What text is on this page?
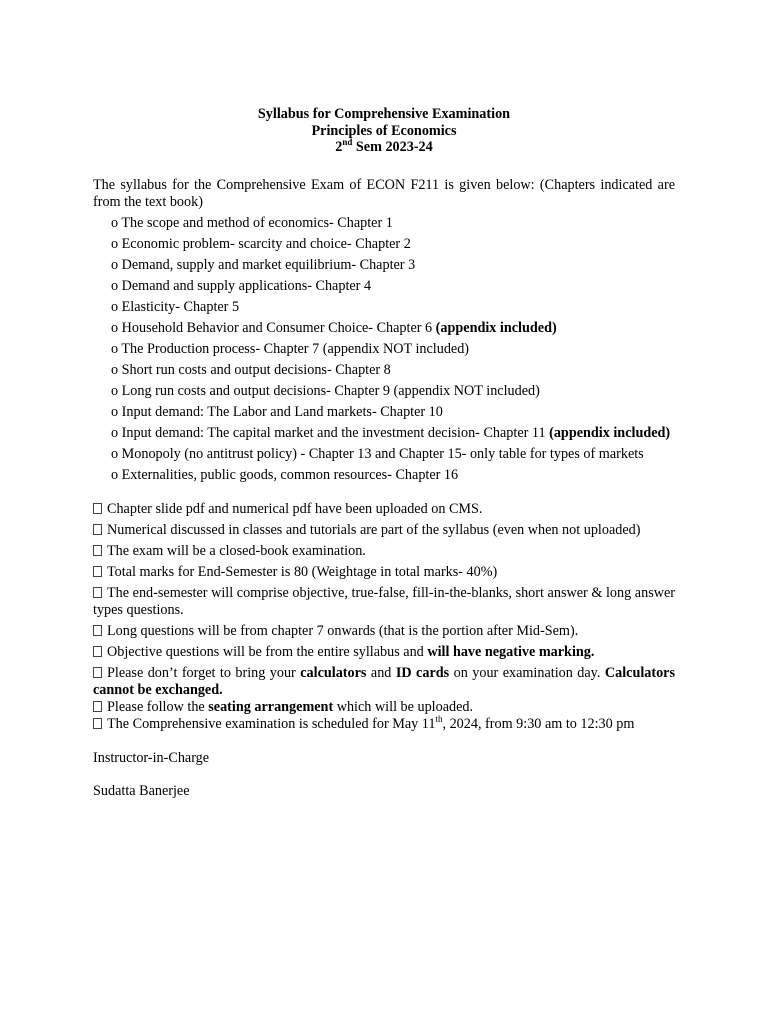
Syllabus for Comprehensive Examination
Principles of Economics
2nd Sem 2023-24
The syllabus for the Comprehensive Exam of ECON F211 is given below: (Chapters indicated are from the text book)
o The scope and method of economics- Chapter 1
o Economic problem- scarcity and choice- Chapter 2
o Demand, supply and market equilibrium- Chapter 3
o Demand and supply applications- Chapter 4
o Elasticity- Chapter 5
o Household Behavior and Consumer Choice- Chapter 6 (appendix included)
o The Production process- Chapter 7 (appendix NOT included)
o Short run costs and output decisions- Chapter 8
o Long run costs and output decisions- Chapter 9 (appendix NOT included)
o Input demand: The Labor and Land markets- Chapter 10
o Input demand: The capital market and the investment decision- Chapter 11 (appendix included)
o Monopoly (no antitrust policy) - Chapter 13 and Chapter 15- only table for types of markets
o Externalities, public goods, common resources- Chapter 16
Chapter slide pdf and numerical pdf have been uploaded on CMS.
Numerical discussed in classes and tutorials are part of the syllabus (even when not uploaded)
The exam will be a closed-book examination.
Total marks for End-Semester is 80 (Weightage in total marks- 40%)
The end-semester will comprise objective, true-false, fill-in-the-blanks, short answer & long answer types questions.
Long questions will be from chapter 7 onwards (that is the portion after Mid-Sem).
Objective questions will be from the entire syllabus and will have negative marking.
Please don’t forget to bring your calculators and ID cards on your examination day. Calculators cannot be exchanged.
Please follow the seating arrangement which will be uploaded.
The Comprehensive examination is scheduled for May 11th, 2024, from 9:30 am to 12:30 pm
Instructor-in-Charge
Sudatta Banerjee
